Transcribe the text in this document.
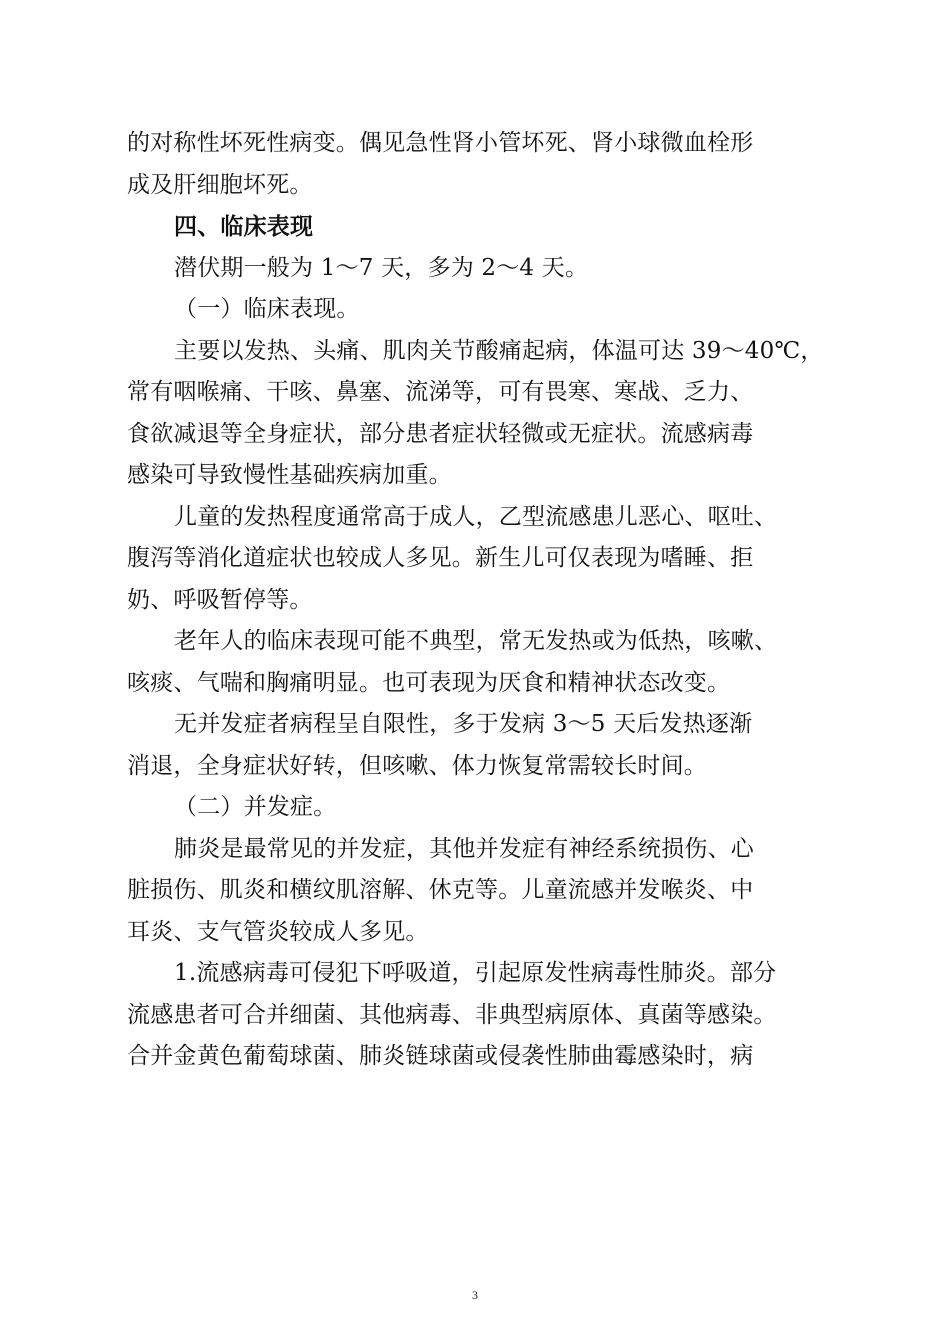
的对称性坏死性病变。偶见急性肾小管坏死、肾小球微血栓形
成及肝细胞坏死。
四、临床表现
潜伏期一般为 1～7 天，多为 2～4 天。
（一）临床表现。
主要以发热、头痛、肌肉关节酸痛起病，体温可达 39～40℃，
常有咽喉痛、干咳、鼻塞、流涕等，可有畏寒、寒战、乏力、
食欲减退等全身症状，部分患者症状轻微或无症状。流感病毒
感染可导致慢性基础疾病加重。
儿童的发热程度通常高于成人，乙型流感患儿恶心、呕吐、
腹泻等消化道症状也较成人多见。新生儿可仅表现为嗜睡、拒
奶、呼吸暂停等。
老年人的临床表现可能不典型，常无发热或为低热，咳嗽、
咳痰、气喘和胸痛明显。也可表现为厌食和精神状态改变。
无并发症者病程呈自限性，多于发病 3～5 天后发热逐渐
消退，全身症状好转，但咳嗽、体力恢复常需较长时间。
（二）并发症。
肺炎是最常见的并发症，其他并发症有神经系统损伤、心
脏损伤、肌炎和横纹肌溶解、休克等。儿童流感并发喉炎、中
耳炎、支气管炎较成人多见。
1.流感病毒可侵犯下呼吸道，引起原发性病毒性肺炎。部分
流感患者可合并细菌、其他病毒、非典型病原体、真菌等感染。
合并金黄色葡萄球菌、肺炎链球菌或侵袭性肺曲霉感染时，病
3
